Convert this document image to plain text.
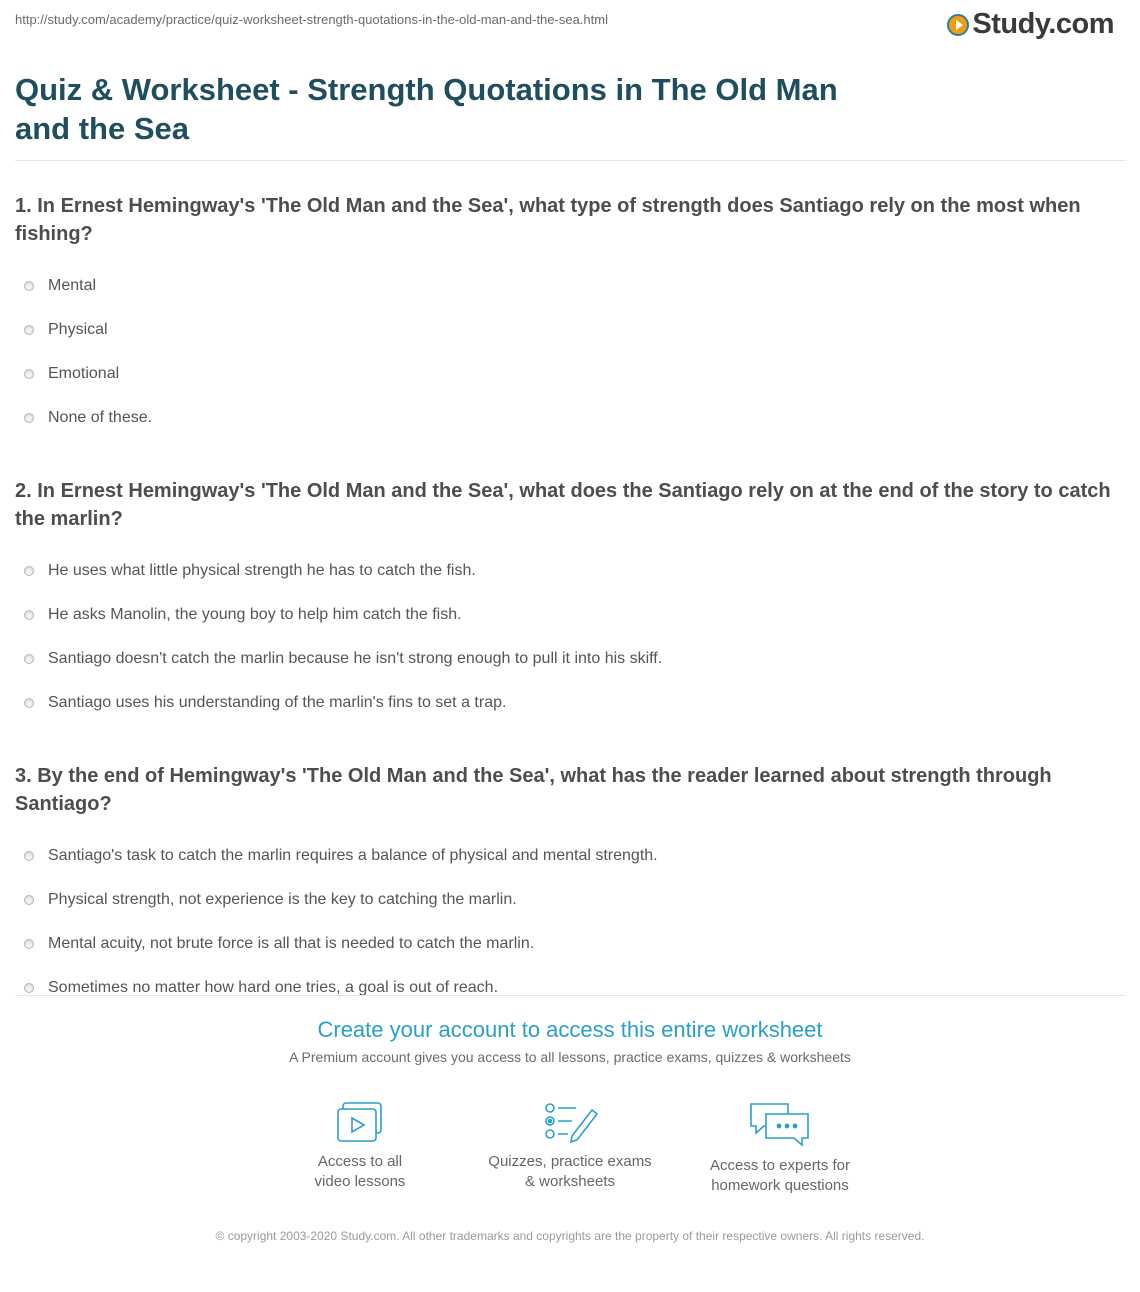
http://study.com/academy/practice/quiz-worksheet-strength-quotations-in-the-old-man-and-the-sea.html	Study.com
Quiz & Worksheet - Strength Quotations in The Old Man and the Sea

1. In Ernest Hemingway's 'The Old Man and the Sea', what type of strength does Santiago rely on the most when fishing?

Mental
Physical
Emotional
None of these.

2. In Ernest Hemingway's 'The Old Man and the Sea', what does the Santiago rely on at the end of the story to catch the marlin?

He uses what little physical strength he has to catch the fish.
He asks Manolin, the young boy to help him catch the fish.
Santiago doesn't catch the marlin because he isn't strong enough to pull it into his skiff.
Santiago uses his understanding of the marlin's fins to set a trap.

3. By the end of Hemingway's 'The Old Man and the Sea', what has the reader learned about strength through Santiago?

Santiago's task to catch the marlin requires a balance of physical and mental strength.
Physical strength, not experience is the key to catching the marlin.
Mental acuity, not brute force is all that is needed to catch the marlin.
Sometimes no matter how hard one tries, a goal is out of reach.
Create your account to access this entire worksheet
A Premium account gives you access to all lessons, practice exams, quizzes & worksheets
Access to all
video lessons
Quizzes, practice exams
& worksheets
Access to experts for
homework questions
© copyright 2003-2020 Study.com. All other trademarks and copyrights are the property of their respective owners. All rights reserved.
